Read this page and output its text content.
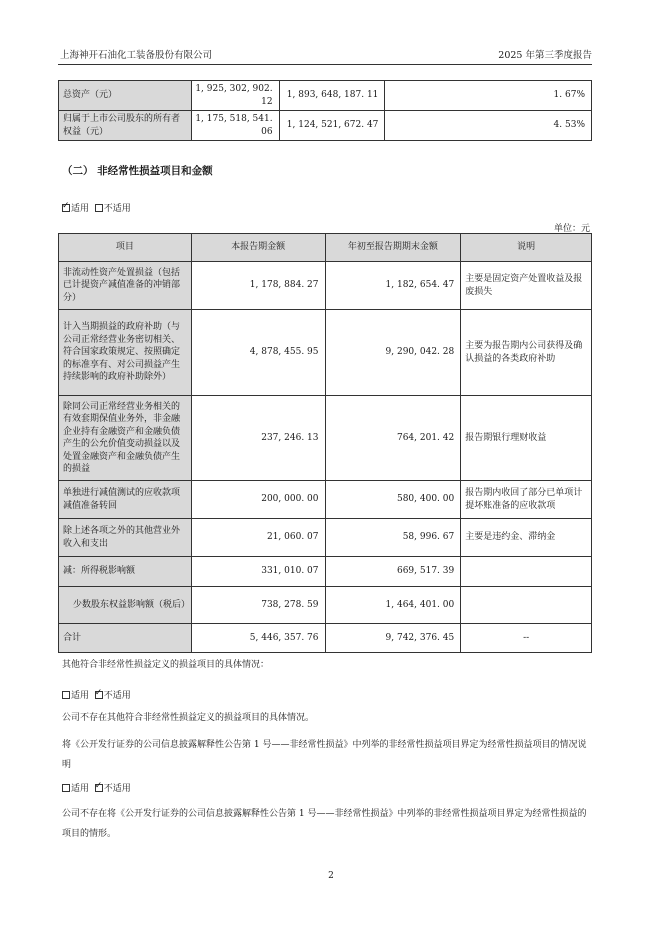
上海神开石油化工装备股份有限公司	2025 年第三季度报告
总资产（元）	1, 925, 302, 902. 12	1, 893, 648, 187. 11	1. 67%
归属于上市公司股东的所有者权益（元）	1, 175, 518, 541. 06	1, 124, 521, 672. 47	4. 53%
（二） 非经常性损益项目和金额
✓适用 不适用
单位：元
项目	本报告期金额	年初至报告期期末金额	说明
非流动性资产处置损益（包括已计提资产减值准备的冲销部分）	1, 178, 884. 27	1, 182, 654. 47	主要是固定资产处置收益及报废损失
计入当期损益的政府补助（与公司正常经营业务密切相关、符合国家政策规定、按照确定的标准享有、对公司损益产生持续影响的政府补助除外）	4, 878, 455. 95	9, 290, 042. 28	主要为报告期内公司获得及确认损益的各类政府补助
除同公司正常经营业务相关的有效套期保值业务外，非金融企业持有金融资产和金融负债产生的公允价值变动损益以及处置金融资产和金融负债产生的损益	237, 246. 13	764, 201. 42	报告期银行理财收益
单独进行减值测试的应收款项减值准备转回	200, 000. 00	580, 400. 00	报告期内收回了部分已单项计提坏账准备的应收款项
除上述各项之外的其他营业外收入和支出	21, 060. 07	58, 996. 67	主要是违约金、滞纳金
减：所得税影响额	331, 010. 07	669, 517. 39	
少数股东权益影响额（税后）	738, 278. 59	1, 464, 401. 00	
合计	5, 446, 357. 76	9, 742, 376. 45	--
其他符合非经常性损益定义的损益项目的具体情况：
适用 ✓ 不适用
公司不存在其他符合非经常性损益定义的损益项目的具体情况。
将《公开发行证券的公司信息披露解释性公告第 1 号——非经常性损益》中列举的非经常性损益项目界定为经常性损益项目的情况说明
适用 ✓ 不适用
公司不存在将《公开发行证券的公司信息披露解释性公告第 1 号——非经常性损益》中列举的非经常性损益项目界定为经常性损益的项目的情形。
2
